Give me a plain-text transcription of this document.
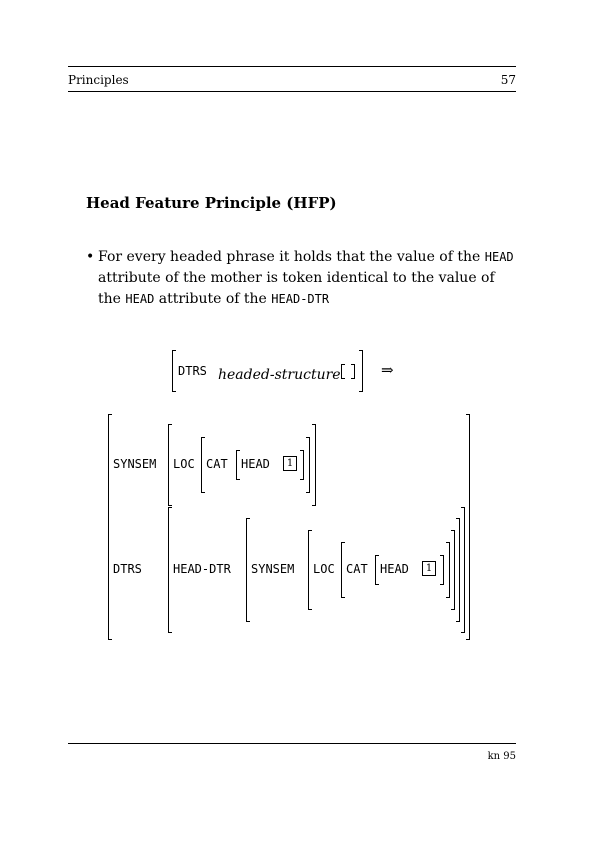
Principles	57
Head Feature Principle (HFP)
• For every headed phrase it holds that the value of the HEAD attribute of the mother is token identical to the value of the HEAD attribute of the HEAD-DTR
DTRS headed-structure	⇒
SYNSEM LOC CAT HEAD	1
DTRS	HEAD-DTR SYNSEM LOC CAT HEAD	1
kn 95
